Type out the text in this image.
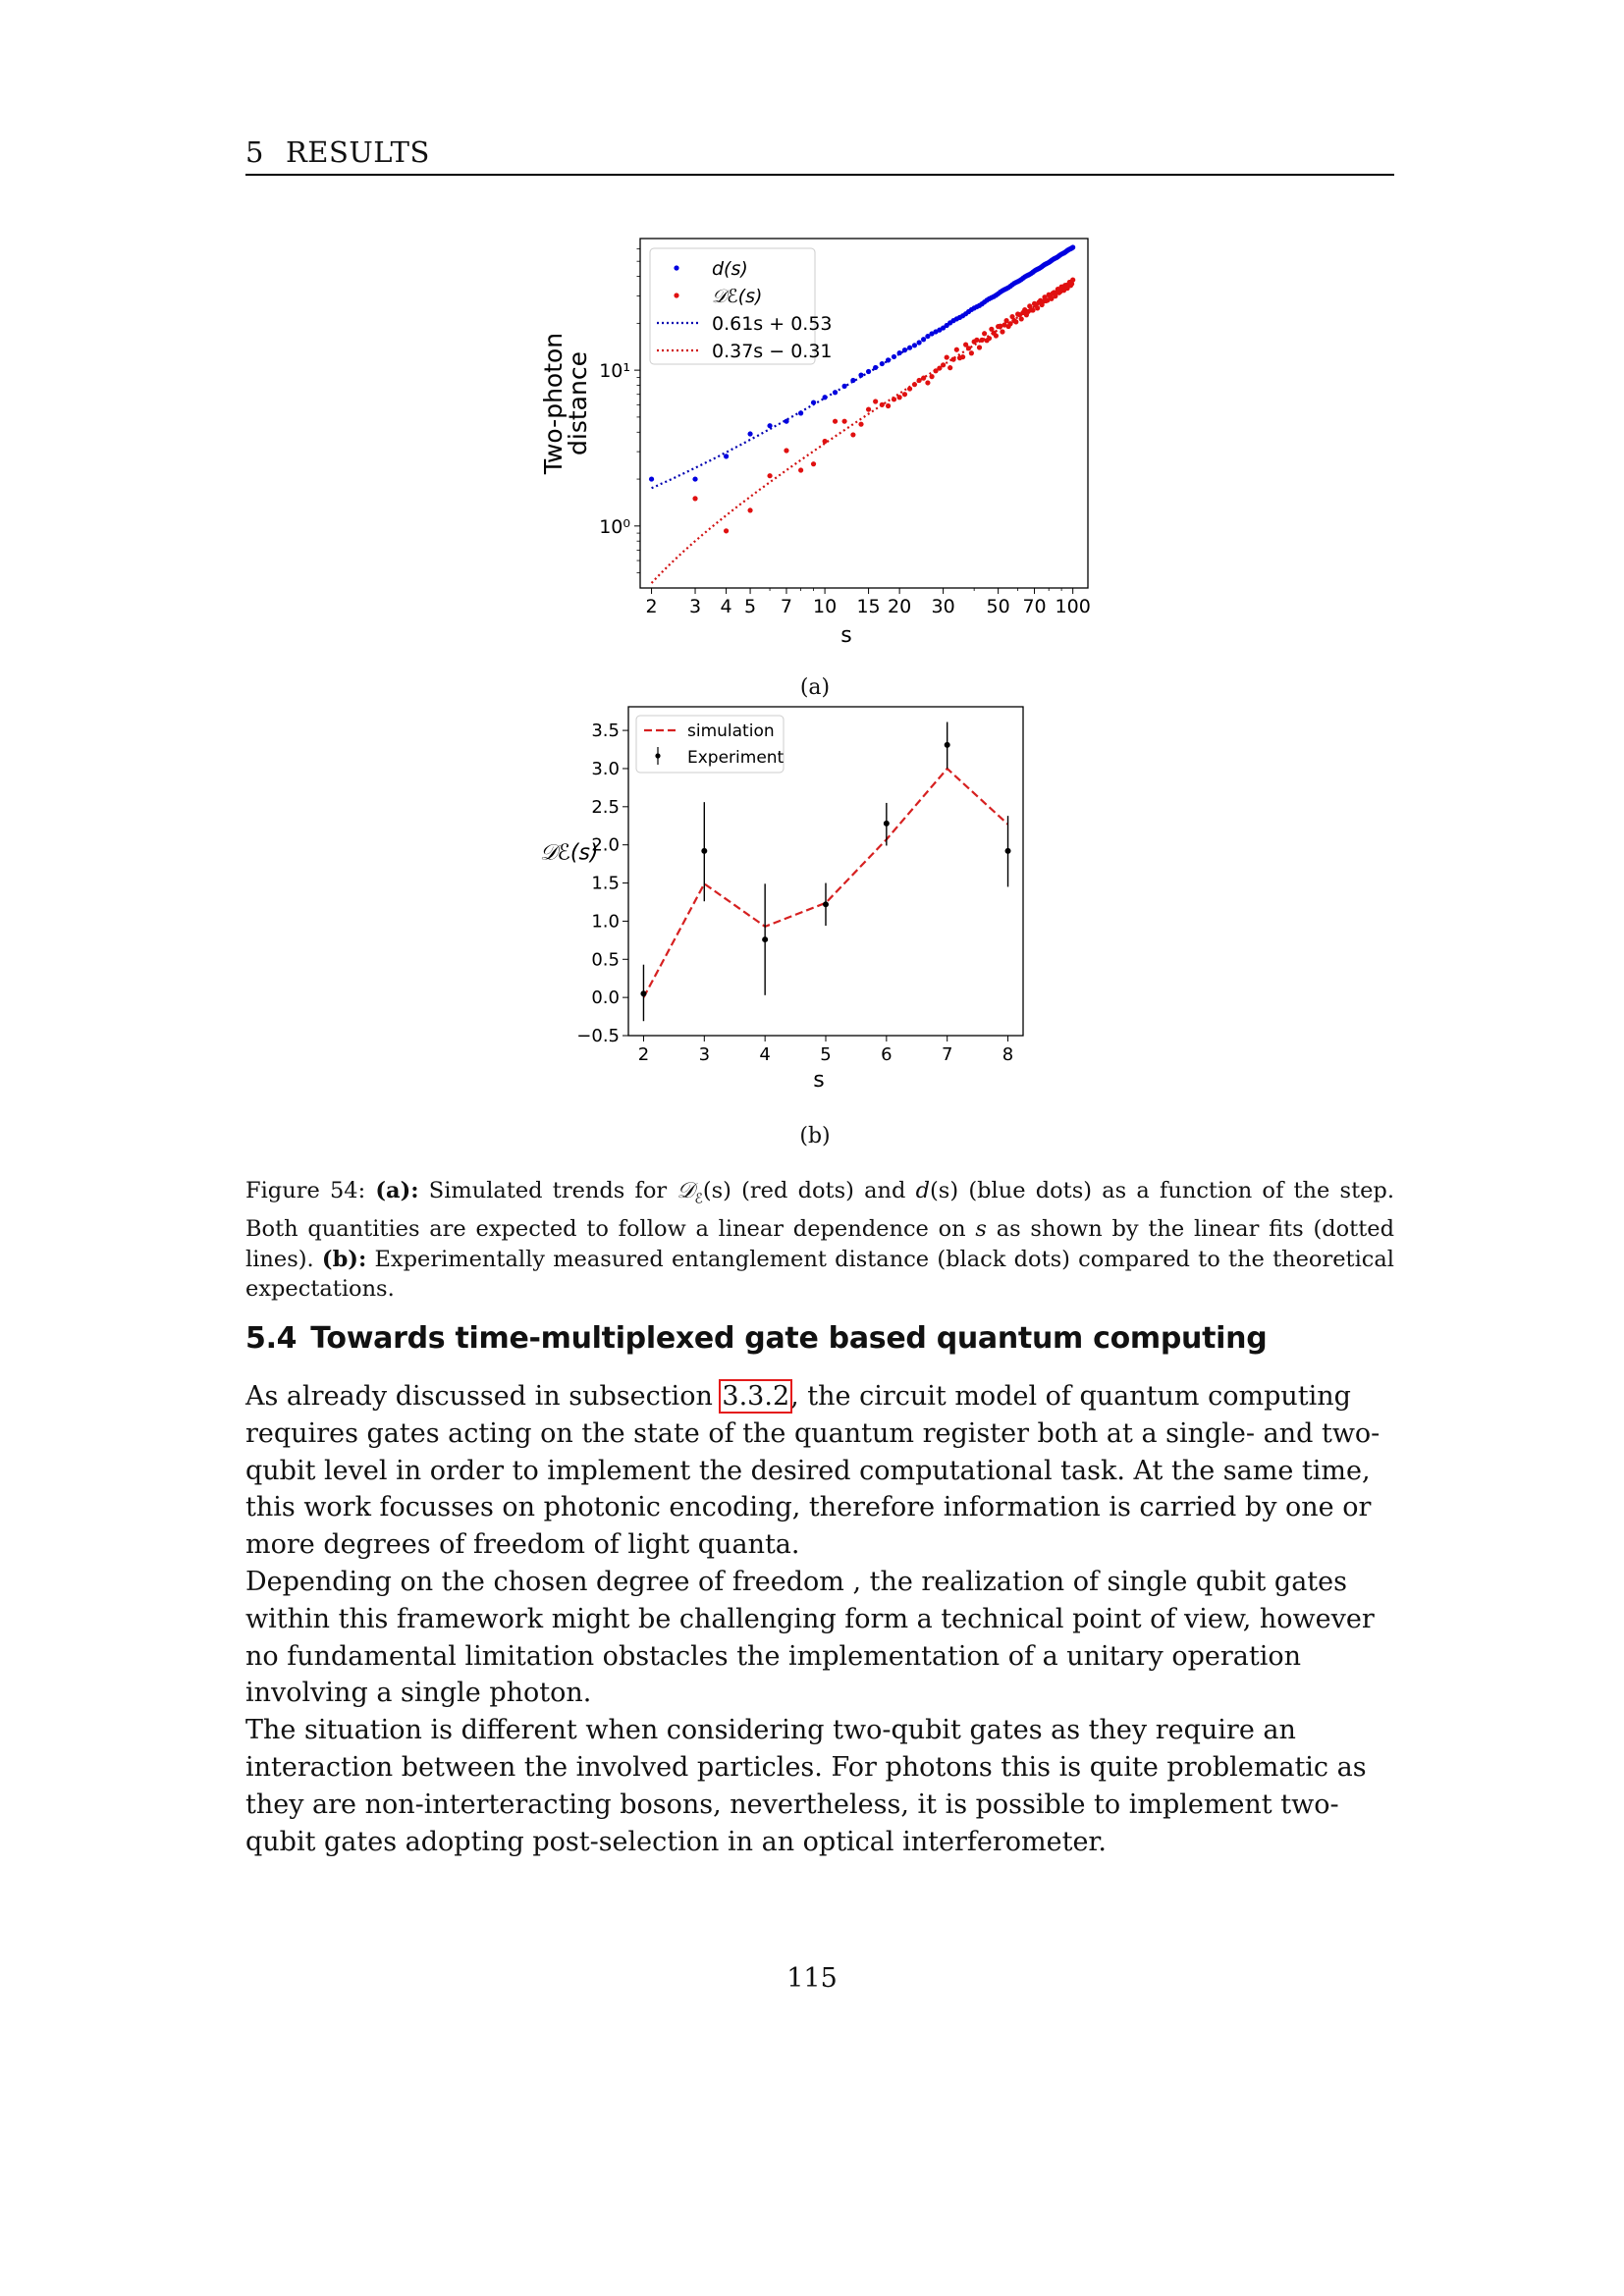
5 RESULTS
2 3 4 5 7 10 15 20 30 50 70 100
10⁰
10¹
s
Two-photondistance
d(s)
𝒟ℰ(s)
0.61s + 0.53
0.37s − 0.31
(a)
2	3	4	5	6	7	8
−0.5
0.0
0.5
1.0
1.5
2.0
2.5
3.0
3.5
s
𝒟ℰ(s)
simulation
Experiment
(b)
Figure 54: (a): Simulated trends for 𝒟$_ℰ$(s) (red dots) and d(s) (blue dots) as a function of the step. Both quantities are expected to follow a linear dependence on s as shown by the linear fits (dotted lines). (b): Experimentally measured entanglement distance (black dots) compared to the theoretical expectations.
5.4 Towards time-multiplexed gate based quantum computing

As already discussed in subsection 3.3.2, the circuit model of quantum computing requires gates acting on the state of the quantum register both at a single- and two-qubit level in order to implement the desired computational task. At the same time, this work focusses on photonic encoding, therefore information is carried by one or more degrees of freedom of light quanta.

Depending on the chosen degree of freedom , the realization of single qubit gates within this framework might be challenging form a technical point of view, however no fundamental limitation obstacles the implementation of a unitary operation involving a single photon.

The situation is different when considering two-qubit gates as they require an interaction between the involved particles. For photons this is quite problematic as they are non-interteracting bosons, nevertheless, it is possible to implement two-qubit gates adopting post-selection in an optical interferometer.

115
